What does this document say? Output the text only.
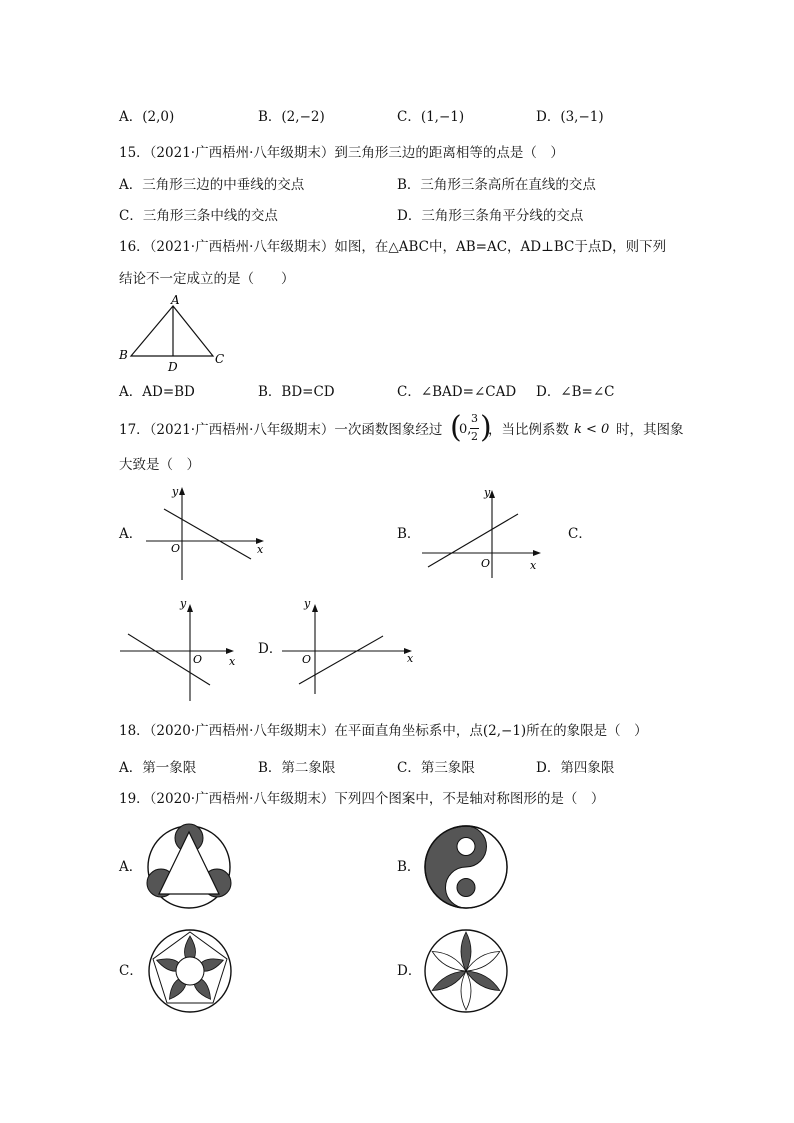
A．(2,0)	B．(2,−2)	C．(1,−1)	D．(3,−1)
15．（2021·广西梧州·八年级期末）到三角形三边的距离相等的点是（　）
A．三角形三边的中垂线的交点	B．三角形三条高所在直线的交点
C．三角形三条中线的交点	D．三角形三条角平分线的交点
16．（2021·广西梧州·八年级期末）如图，在△ABC中，AB=AC，AD⊥BC于点D，则下列
结论不一定成立的是（　　）
A
B	C
D
A．AD=BD	B．BD=CD	C．∠BAD=∠CAD D．∠B=∠C
17．（2021·广西梧州·八年级期末）一次函数图象经过 (
0,
3
2 )
，当比例系数 k < 0 时，其图象
大致是（　）
A．
x
y
O
B．
x
y
O
C．
x
y
O
D．
x
y
O
18．（2020·广西梧州·八年级期末）在平面直角坐标系中，点(2,−1)所在的象限是（　）
A．第一象限	B．第二象限	C．第三象限	D．第四象限
19．（2020·广西梧州·八年级期末）下列四个图案中，不是轴对称图形的是（　）
A．	B．
C．	D．
